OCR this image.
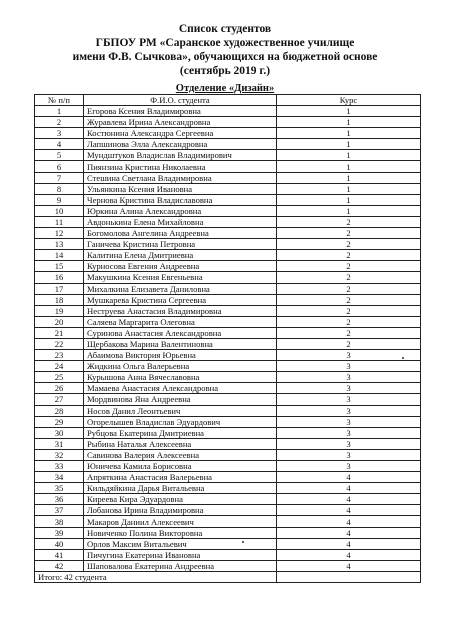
Список студентов
ГБПОУ РМ «Саранское художественное училище
имени Ф.В. Сычкова», обучающихся на бюджетной основе
(сентябрь 2019 г.)
Отделение «Дизайн»
№ п/п	Ф.И.О. студента	Курс
1	Егорова Ксения Владимировна	1
2	Журавлева Ирина Александровна	1
3	Костюнина Александра Сергеевна	1
4	Лапшинова Элла Александровна	1
5	Мундштуков Владислав Владимирович	1
6	Пиянзина Кристина Николаевна	1
7	Стешина Светлана Владимировна	1
8	Ульянкина Ксения Ивановна	1
9	Чернова Кристина Владиславовна	1
10	Юркина Алина Александровна	1
11	Авдонькина Елена Михайловна	2
12	Богомолова Ангелина Андреевна	2
13	Ганичева Кристина Петровна	2
14	Калитина Елена Дмитриевна	2
15	Курносова Евгения Андреевна	2
16	Макушкина Ксения Евгеньевна	2
17	Михалкина Елизавета Даниловна	2
18	Мушкарева Кристина Сергеевна	2
19	Неструева Анастасия Владимировна	2
20	Саляева Маргарита Олеговна	2
21	Суринова Анастасия Александровна	2
22	Щербакова Марина Валентиновна	2
23	Абаимова Виктория Юрьевна	3
24	Жидкина Ольга Валерьевна	3
25	Курышова Анна Вячеславовна	3
26	Мамаева Анастасия Александровна	3
27	Мордвинова Яна Андреевна	3
28	Носов Данил Леонтьевич	3
29	Огорелышев Владислав Эдуардович	3
30	Рубцова Екатерина Дмитриевна	3
31	Рыбина Наталья Алексеевна	3
32	Савинова Валерия Алексеевна	3
33	Юничева Камила Борисовна	3
34	Апряткина Анастасия Валерьевна	4
35	Кильдяйкина Дарья Витальевна	4
36	Киреева Кира Эдуардовна	4
37	Лобанова Ирина Владимировна	4
38	Макаров Даниил Алексеевич	4
39	Новиченко Полина Викторовна	4
40	Орлов Максим Витальевич	4
41	Пичугина Екатерина Ивановна	4
42	Шаповалова Екатерина Андреевна	4
Итого: 42 студента		
